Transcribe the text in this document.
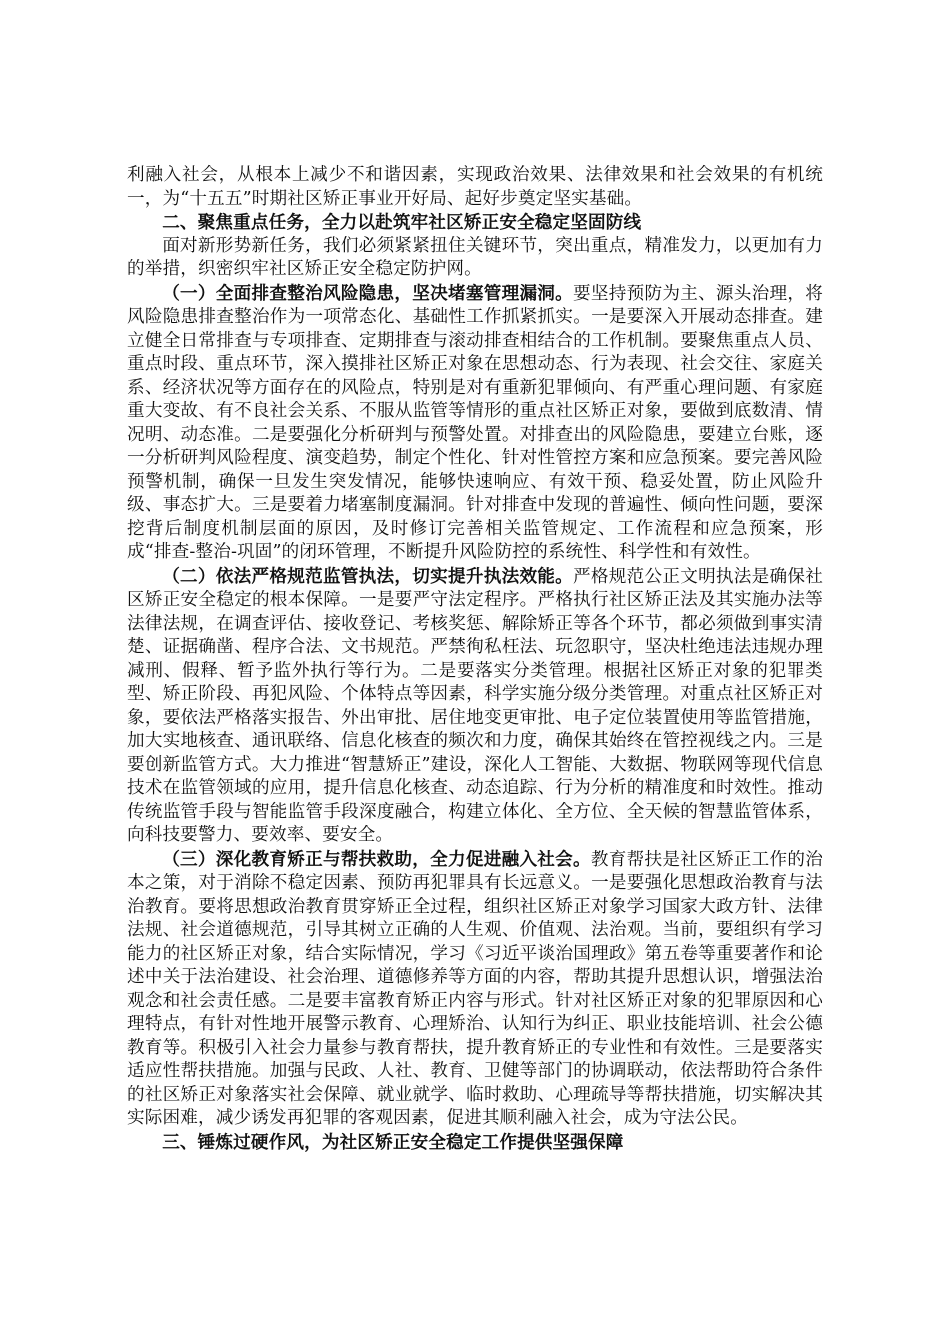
利融入社会，从根本上减少不和谐因素，实现政治效果、法律效果和社会效果的有机统一，为“十五五”时期社区矫正事业开好局、起好步奠定坚实基础。

二、聚焦重点任务，全力以赴筑牢社区矫正安全稳定坚固防线

面对新形势新任务，我们必须紧紧扭住关键环节，突出重点，精准发力，以更加有力的举措，织密织牢社区矫正安全稳定防护网。

（一）全面排查整治风险隐患，坚决堵塞管理漏洞。要坚持预防为主、源头治理，将风险隐患排查整治作为一项常态化、基础性工作抓紧抓实。一是要深入开展动态排查。建立健全日常排查与专项排查、定期排查与滚动排查相结合的工作机制。要聚焦重点人员、重点时段、重点环节，深入摸排社区矫正对象在思想动态、行为表现、社会交往、家庭关系、经济状况等方面存在的风险点，特别是对有重新犯罪倾向、有严重心理问题、有家庭重大变故、有不良社会关系、不服从监管等情形的重点社区矫正对象，要做到底数清、情况明、动态准。二是要强化分析研判与预警处置。对排查出的风险隐患，要建立台账，逐一分析研判风险程度、演变趋势，制定个性化、针对性管控方案和应急预案。要完善风险预警机制，确保一旦发生突发情况，能够快速响应、有效干预、稳妥处置，防止风险升级、事态扩大。三是要着力堵塞制度漏洞。针对排查中发现的普遍性、倾向性问题，要深挖背后制度机制层面的原因，及时修订完善相关监管规定、工作流程和应急预案，形成“排查-整治-巩固”的闭环管理，不断提升风险防控的系统性、科学性和有效性。

（二）依法严格规范监管执法，切实提升执法效能。严格规范公正文明执法是确保社区矫正安全稳定的根本保障。一是要严守法定程序。严格执行社区矫正法及其实施办法等法律法规，在调查评估、接收登记、考核奖惩、解除矫正等各个环节，都必须做到事实清楚、证据确凿、程序合法、文书规范。严禁徇私枉法、玩忽职守，坚决杜绝违法违规办理减刑、假释、暂予监外执行等行为。二是要落实分类管理。根据社区矫正对象的犯罪类型、矫正阶段、再犯风险、个体特点等因素，科学实施分级分类管理。对重点社区矫正对象，要依法严格落实报告、外出审批、居住地变更审批、电子定位装置使用等监管措施，加大实地核查、通讯联络、信息化核查的频次和力度，确保其始终在管控视线之内。三是要创新监管方式。大力推进“智慧矫正”建设，深化人工智能、大数据、物联网等现代信息技术在监管领域的应用，提升信息化核查、动态追踪、行为分析的精准度和时效性。推动传统监管手段与智能监管手段深度融合，构建立体化、全方位、全天候的智慧监管体系，向科技要警力、要效率、要安全。

（三）深化教育矫正与帮扶救助，全力促进融入社会。教育帮扶是社区矫正工作的治本之策，对于消除不稳定因素、预防再犯罪具有长远意义。一是要强化思想政治教育与法治教育。要将思想政治教育贯穿矫正全过程，组织社区矫正对象学习国家大政方针、法律法规、社会道德规范，引导其树立正确的人生观、价值观、法治观。当前，要组织有学习能力的社区矫正对象，结合实际情况，学习《习近平谈治国理政》第五卷等重要著作和论述中关于法治建设、社会治理、道德修养等方面的内容，帮助其提升思想认识，增强法治观念和社会责任感。二是要丰富教育矫正内容与形式。针对社区矫正对象的犯罪原因和心理特点，有针对性地开展警示教育、心理矫治、认知行为纠正、职业技能培训、社会公德教育等。积极引入社会力量参与教育帮扶，提升教育矫正的专业性和有效性。三是要落实适应性帮扶措施。加强与民政、人社、教育、卫健等部门的协调联动，依法帮助符合条件的社区矫正对象落实社会保障、就业就学、临时救助、心理疏导等帮扶措施，切实解决其实际困难，减少诱发再犯罪的客观因素，促进其顺利融入社会，成为守法公民。

三、锤炼过硬作风，为社区矫正安全稳定工作提供坚强保障
